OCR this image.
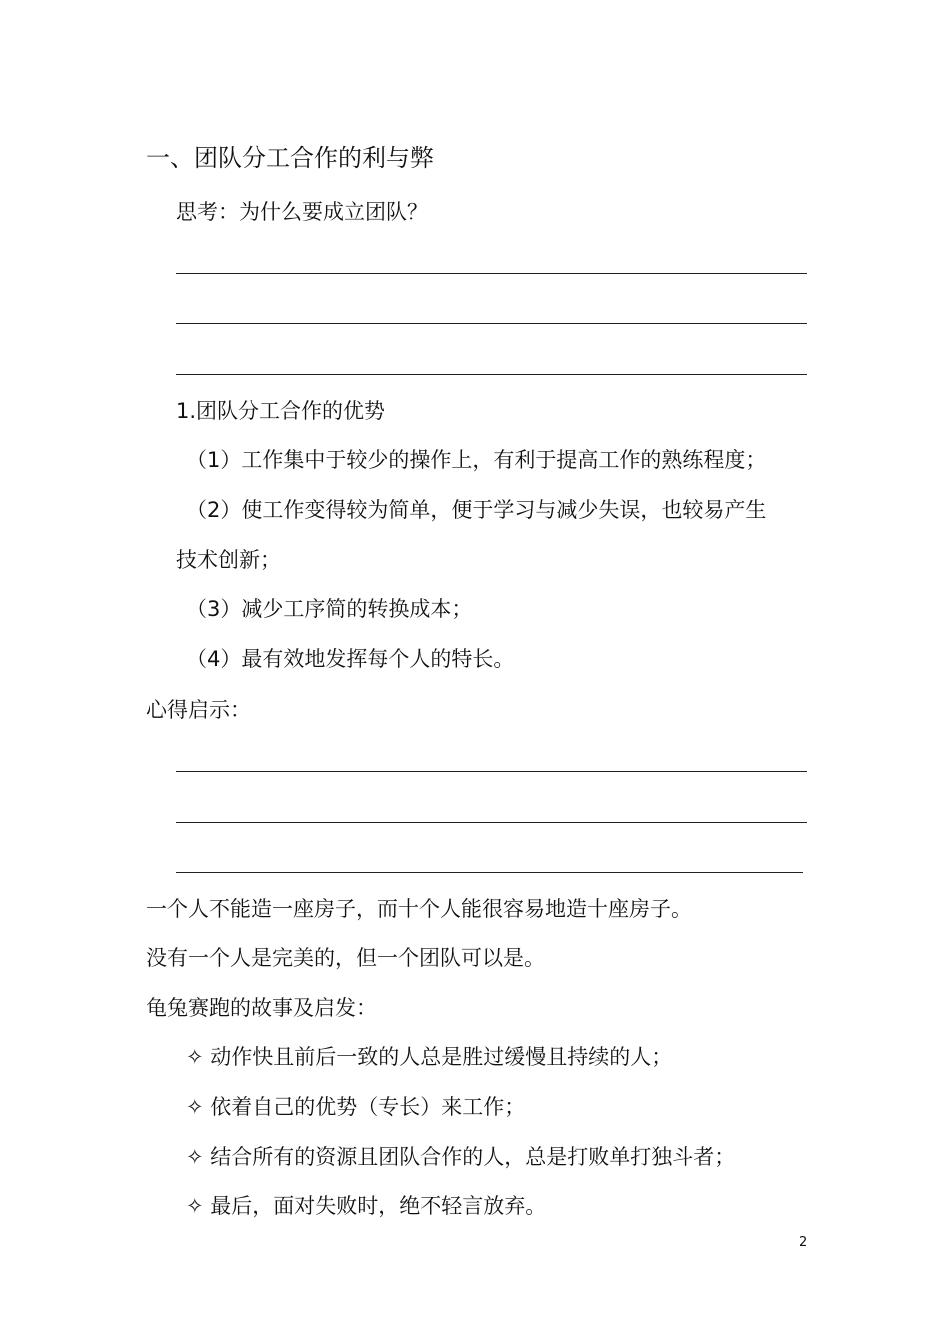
一、团队分工合作的利与弊
思考：为什么要成立团队？
1.团队分工合作的优势
（1）工作集中于较少的操作上，有利于提高工作的熟练程度；
（2）使工作变得较为简单，便于学习与减少失误，也较易产生
技术创新；
（3）减少工序简的转换成本；
（4）最有效地发挥每个人的特长。
心得启示：
一个人不能造一座房子，而十个人能很容易地造十座房子。
没有一个人是完美的，但一个团队可以是。
龟兔赛跑的故事及启发：
✧ 动作快且前后一致的人总是胜过缓慢且持续的人；
✧ 依着自己的优势（专长）来工作；
✧ 结合所有的资源且团队合作的人，总是打败单打独斗者；
✧ 最后，面对失败时，绝不轻言放弃。
2
